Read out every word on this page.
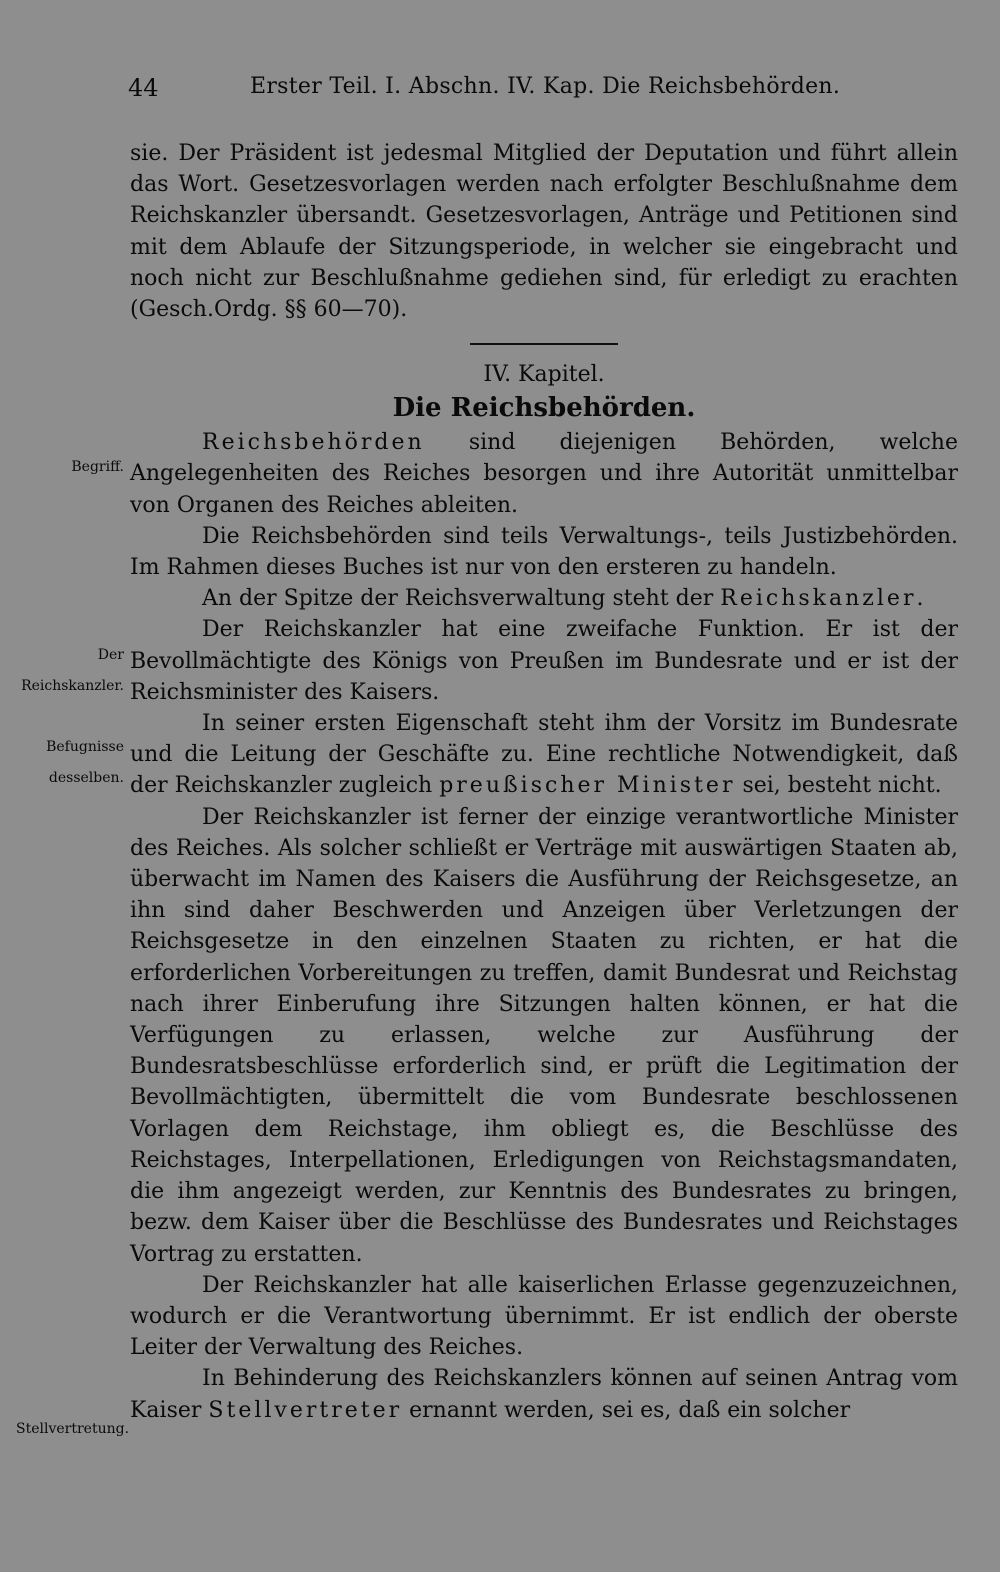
44	Erster Teil. I. Abschn. IV. Kap. Die Reichsbehörden.

sie. Der Präsident ist jedesmal Mitglied der Deputation und führt allein das Wort. Gesetzesvorlagen werden nach erfolgter Beschlußnahme dem Reichskanzler übersandt. Gesetzesvorlagen, Anträge und Petitionen sind mit dem Ablaufe der Sitzungsperiode, in welcher sie eingebracht und noch nicht zur Beschlußnahme gediehen sind, für erledigt zu erachten (Gesch.Ordg. §§ 60—70).

IV. Kapitel.

Die Reichsbehörden.

Reichsbehörden sind diejenigen Behörden, welche Angelegenheiten des Reiches besorgen und ihre Autorität unmittelbar von Organen des Reiches ableiten.

Die Reichsbehörden sind teils Verwaltungs-, teils Justizbehörden. Im Rahmen dieses Buches ist nur von den ersteren zu handeln.

An der Spitze der Reichsverwaltung steht der Reichskanzler.

Der Reichskanzler hat eine zweifache Funktion. Er ist der Bevollmächtigte des Königs von Preußen im Bundesrate und er ist der Reichsminister des Kaisers.

In seiner ersten Eigenschaft steht ihm der Vorsitz im Bundesrate und die Leitung der Geschäfte zu. Eine rechtliche Notwendigkeit, daß der Reichskanzler zugleich preußischer Minister sei, besteht nicht.

Der Reichskanzler ist ferner der einzige verantwortliche Minister des Reiches. Als solcher schließt er Verträge mit auswärtigen Staaten ab, überwacht im Namen des Kaisers die Ausführung der Reichsgesetze, an ihn sind daher Beschwerden und Anzeigen über Verletzungen der Reichsgesetze in den einzelnen Staaten zu richten, er hat die erforderlichen Vorbereitungen zu treffen, damit Bundesrat und Reichstag nach ihrer Einberufung ihre Sitzungen halten können, er hat die Verfügungen zu erlassen, welche zur Ausführung der Bundesratsbeschlüsse erforderlich sind, er prüft die Legitimation der Bevollmächtigten, übermittelt die vom Bundesrate beschlossenen Vorlagen dem Reichstage, ihm obliegt es, die Beschlüsse des Reichstages, Interpellationen, Erledigungen von Reichstagsmandaten, die ihm angezeigt werden, zur Kenntnis des Bundesrates zu bringen, bezw. dem Kaiser über die Beschlüsse des Bundesrates und Reichstages Vortrag zu erstatten.

Der Reichskanzler hat alle kaiserlichen Erlasse gegenzuzeichnen, wodurch er die Verantwortung übernimmt. Er ist endlich der oberste Leiter der Verwaltung des Reiches.

In Behinderung des Reichskanzlers können auf seinen Antrag vom Kaiser Stellvertreter ernannt werden, sei es, daß ein solcher

Begriff.
Der Reichskanzler.
Befugnisse desselben.
Stellvertretung.
